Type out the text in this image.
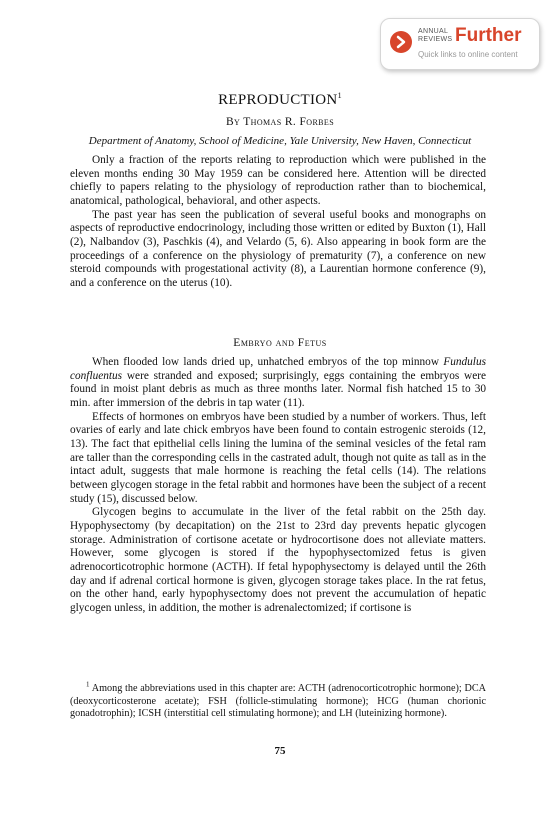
ANNUAL
REVIEWS Further
Quick links to online content
REPRODUCTION$^1$
By Thomas R. Forbes
Department of Anatomy, School of Medicine, Yale University, New Haven, Connecticut

Only a fraction of the reports relating to reproduction which were published in the eleven months ending 30 May 1959 can be considered here. Attention will be directed chiefly to papers relating to the physiology of reproduction rather than to biochemical, anatomical, pathological, behavioral, and other aspects.

The past year has seen the publication of several useful books and monographs on aspects of reproductive endocrinology, including those written or edited by Buxton (1), Hall (2), Nalbandov (3), Paschkis (4), and Velardo (5, 6). Also appearing in book form are the proceedings of a conference on the physiology of prematurity (7), a conference on new steroid compounds with progestational activity (8), a Laurentian hormone conference (9), and a conference on the uterus (10).

Embryo and Fetus

When flooded low lands dried up, unhatched embryos of the top minnow Fundulus confluentus were stranded and exposed; surprisingly, eggs containing the embryos were found in moist plant debris as much as three months later. Normal fish hatched 15 to 30 min. after immersion of the debris in tap water (11).

Effects of hormones on embryos have been studied by a number of workers. Thus, left ovaries of early and late chick embryos have been found to contain estrogenic steroids (12, 13). The fact that epithelial cells lining the lumina of the seminal vesicles of the fetal ram are taller than the corresponding cells in the castrated adult, though not quite as tall as in the intact adult, suggests that male hormone is reaching the fetal cells (14). The relations between glycogen storage in the fetal rabbit and hormones have been the subject of a recent study (15), discussed below.

Glycogen begins to accumulate in the liver of the fetal rabbit on the 25th day. Hypophysectomy (by decapitation) on the 21st to 23rd day prevents hepatic glycogen storage. Administration of cortisone acetate or hydrocortisone does not alleviate matters. However, some glycogen is stored if the hypophysectomized fetus is given adrenocorticotrophic hormone (ACTH). If fetal hypophysectomy is delayed until the 26th day and if adrenal cortical hormone is given, glycogen storage takes place. In the rat fetus, on the other hand, early hypophysectomy does not prevent the accumulation of hepatic glycogen unless, in addition, the mother is adrenalectomized; if cortisone is

$^1$ Among the abbreviations used in this chapter are: ACTH (adrenocorticotrophic hormone); DCA (deoxycorticosterone acetate); FSH (follicle-stimulating hormone); HCG (human chorionic gonadotrophin); ICSH (interstitial cell stimulating hormone); and LH (luteinizing hormone).
75
